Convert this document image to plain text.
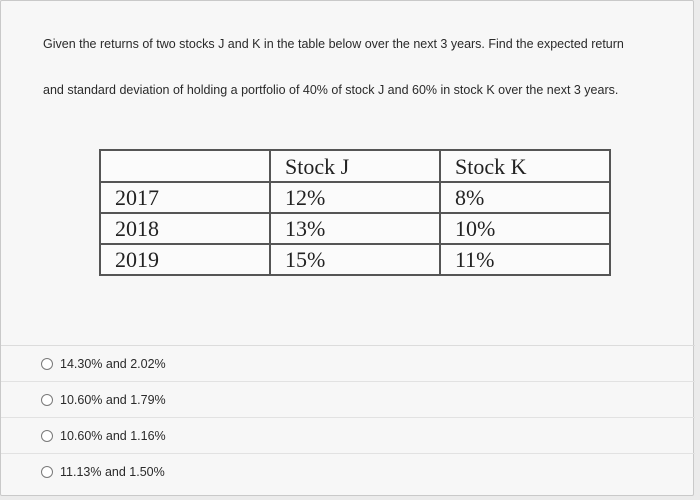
Given the returns of two stocks J and K in the table below over the next 3 years. Find the expected return
and standard deviation of holding a portfolio of 40% of stock J and 60% in stock K over the next 3 years.
	Stock J	Stock K
2017	12%	8%
2018	13%	10%
2019	15%	11%
14.30% and 2.02%
10.60% and 1.79%
10.60% and 1.16%
11.13% and 1.50%
